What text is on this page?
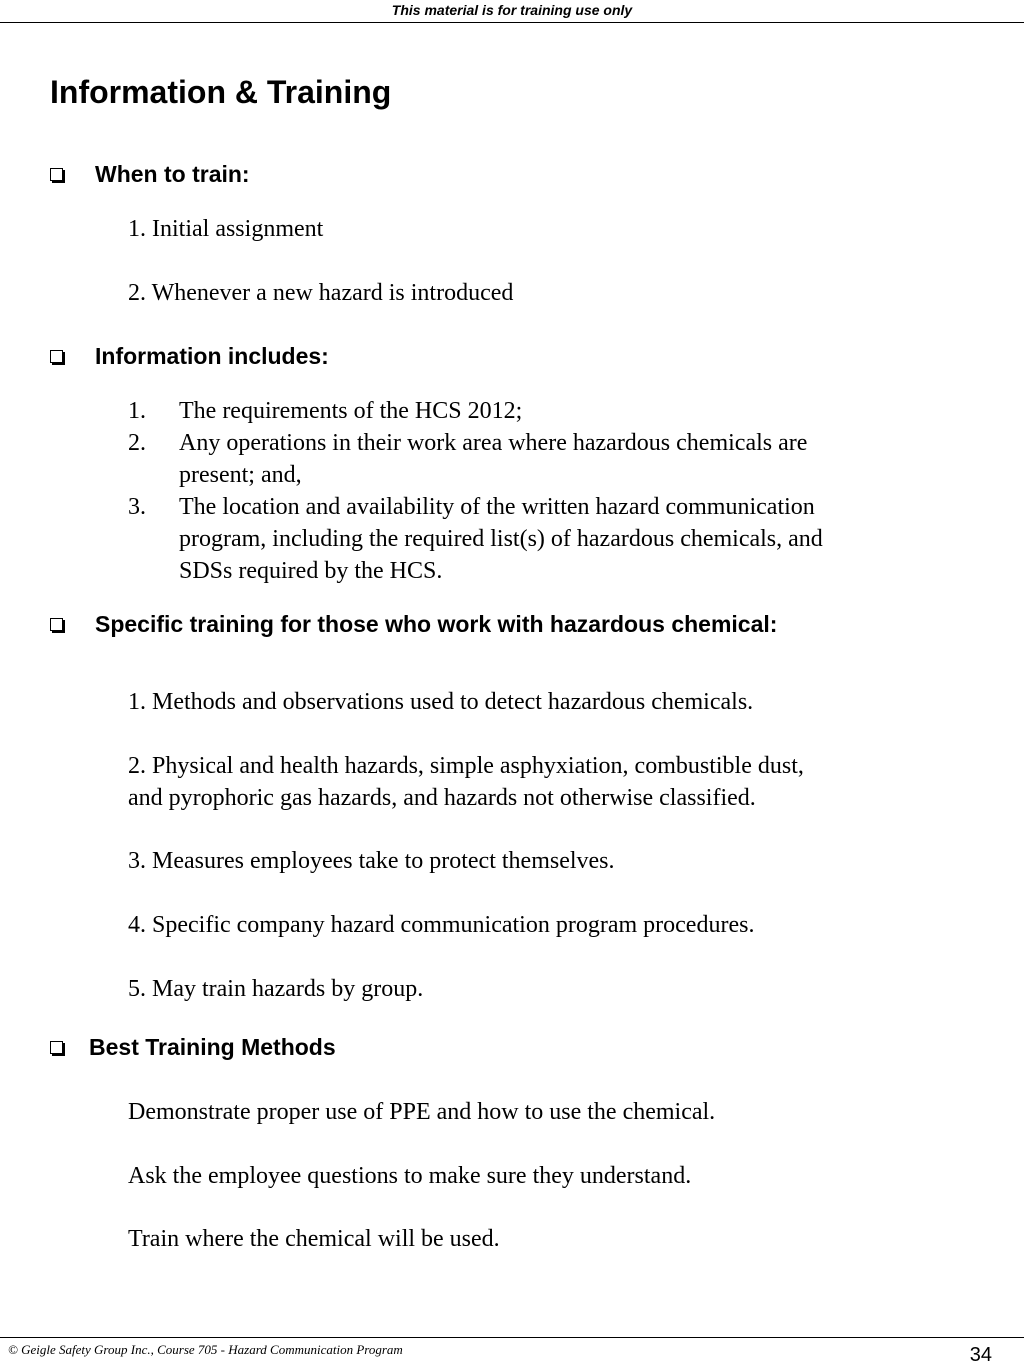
This material is for training use only
Information & Training
When to train:
1. Initial assignment
2. Whenever a new hazard is introduced
Information includes:
1. The requirements of the HCS 2012;
2. Any operations in their work area where hazardous chemicals are
present; and,
3. The location and availability of the written hazard communication
program, including the required list(s) of hazardous chemicals, and
SDSs required by the HCS.
Specific training for those who work with hazardous chemical:
1. Methods and observations used to detect hazardous chemicals.
2. Physical and health hazards, simple asphyxiation, combustible dust,
and pyrophoric gas hazards, and hazards not otherwise classified.
3. Measures employees take to protect themselves.
4. Specific company hazard communication program procedures.
5. May train hazards by group.
Best Training Methods
Demonstrate proper use of PPE and how to use the chemical.
Ask the employee questions to make sure they understand.
Train where the chemical will be used.
© Geigle Safety Group Inc., Course 705 - Hazard Communication Program	34
